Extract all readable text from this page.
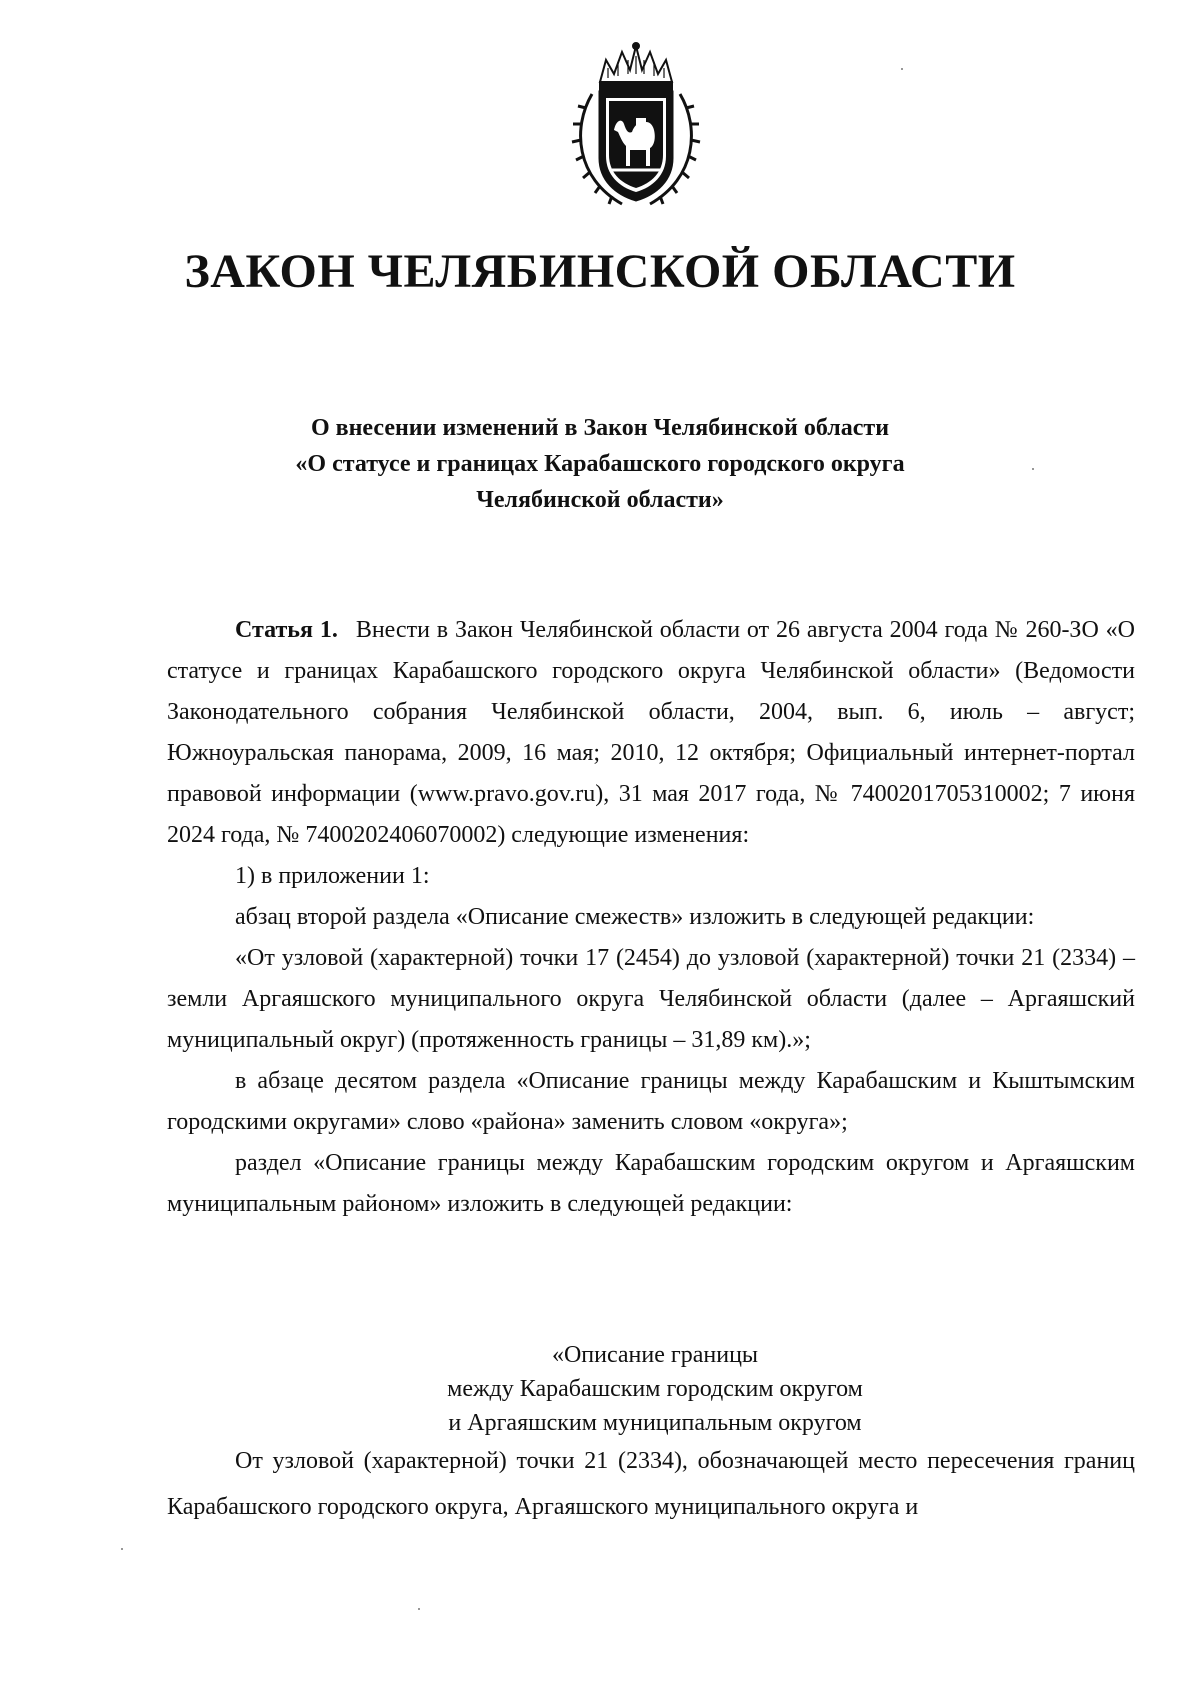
ЗАКОН ЧЕЛЯБИНСКОЙ ОБЛАСТИ
О внесении изменений в Закон Челябинской области
«О статусе и границах Карабашского городского округа
Челябинской области»

Статья 1. Внести в Закон Челябинской области от 26 августа 2004 года № 260-ЗО «О статусе и границах Карабашского городского округа Челябинской области» (Ведомости Законодательного собрания Челябинской области, 2004, вып. 6, июль – август; Южноуральская панорама, 2009, 16 мая; 2010, 12 октября; Официальный интернет-портал правовой информации (www.pravo.gov.ru), 31 мая 2017 года, № 7400201705310002; 7 июня 2024 года, № 7400202406070002) следующие изменения:

1) в приложении 1:

абзац второй раздела «Описание смежеств» изложить в следующей редакции:

«От узловой (характерной) точки 17 (2454) до узловой (характерной) точки 21 (2334) – земли Аргаяшского муниципального округа Челябинской области (далее – Аргаяшский муниципальный округ) (протяженность границы – 31,89 км).»;

в абзаце десятом раздела «Описание границы между Карабашским и Кыштымским городскими округами» слово «района» заменить словом «округа»;

раздел «Описание границы между Карабашским городским округом и Аргаяшским муниципальным районом» изложить в следующей редакции:

«Описание границы
между Карабашским городским округом
и Аргаяшским муниципальным округом

От узловой (характерной) точки 21 (2334), обозначающей место пересечения границ Карабашского городского округа, Аргаяшского муниципального округа и
